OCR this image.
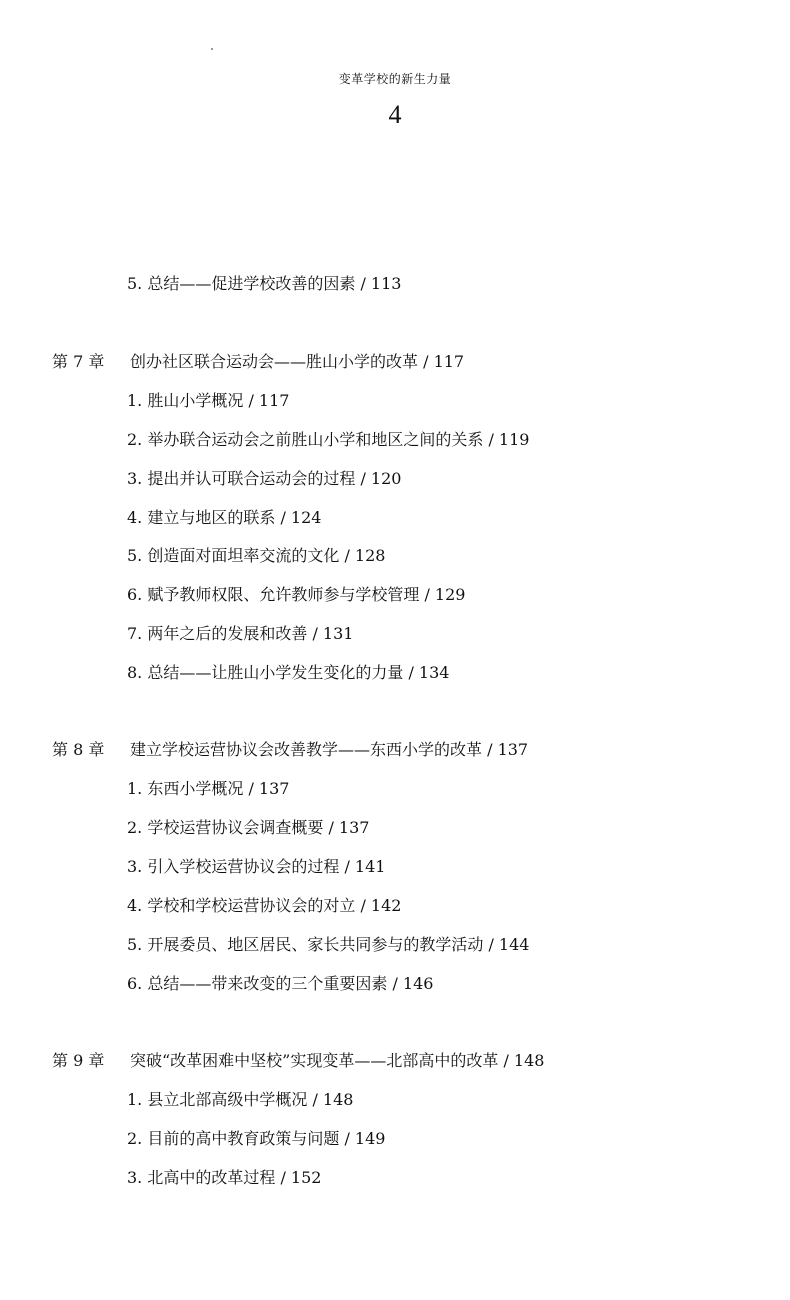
变革学校的新生力量
4
5. 总结——促进学校改善的因素 / 113
第 7 章 创办社区联合运动会——胜山小学的改革 / 117
1. 胜山小学概况 / 117
2. 举办联合运动会之前胜山小学和地区之间的关系 / 119
3. 提出并认可联合运动会的过程 / 120
4. 建立与地区的联系 / 124
5. 创造面对面坦率交流的文化 / 128
6. 赋予教师权限、允许教师参与学校管理 / 129
7. 两年之后的发展和改善 / 131
8. 总结——让胜山小学发生变化的力量 / 134
第 8 章 建立学校运营协议会改善教学——东西小学的改革 / 137
1. 东西小学概况 / 137
2. 学校运营协议会调查概要 / 137
3. 引入学校运营协议会的过程 / 141
4. 学校和学校运营协议会的对立 / 142
5. 开展委员、地区居民、家长共同参与的教学活动 / 144
6. 总结——带来改变的三个重要因素 / 146
第 9 章 突破“改革困难中坚校”实现变革——北部高中的改革 / 148
1. 县立北部高级中学概况 / 148
2. 目前的高中教育政策与问题 / 149
3. 北高中的改革过程 / 152
